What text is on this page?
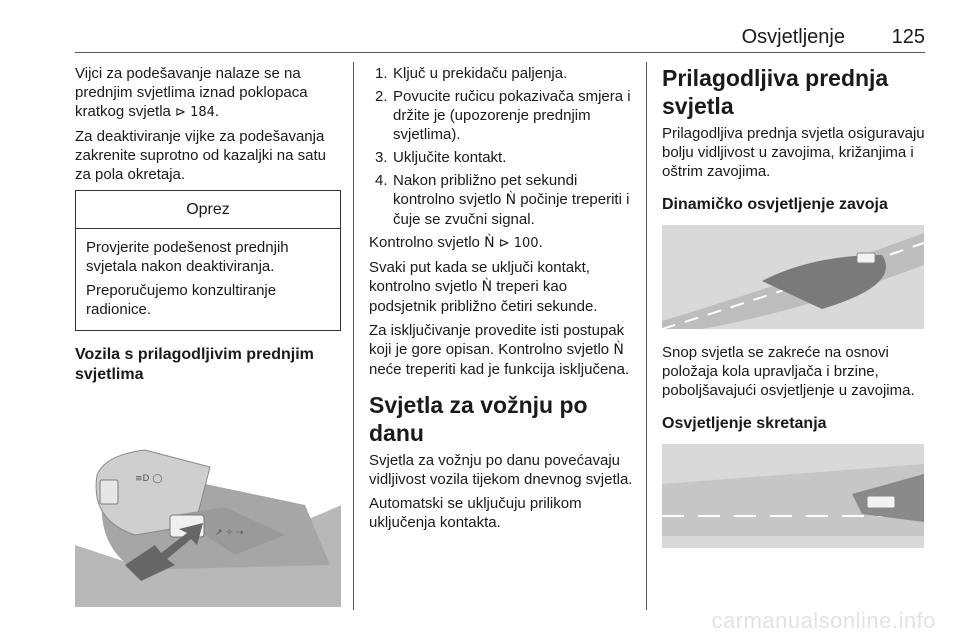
Osvjetljenje 125

Vijci za podešavanje nalaze se na prednjim svjetlima iznad poklopaca kratkog svjetla ⊳ 184.

Za deaktiviranje vijke za podešavanja zakrenite suprotno od kazaljki na satu za pola okretaja.

Oprez

Provjerite podešenost prednjih svjetala nakon deaktiviranja.

Preporučujemo konzultiranje radionice.

Vozila s prilagodljivim prednjim svjetlima
≡D ◯
↗ ✧ ⇢
1. Ključ u prekidaču paljenja.
2. Povucite ručicu pokazivača smjera i držite je (upozorenje prednjim svjetlima).
3. Uključite kontakt.
4. Nakon približno pet sekundi kontrolno svjetlo Ǹ počinje treperiti i čuje se zvučni signal.

Kontrolno svjetlo Ǹ ⊳ 100.

Svaki put kada se uključi kontakt, kontrolno svjetlo Ǹ treperi kao podsjetnik približno četiri sekunde.

Za isključivanje provedite isti postupak koji je gore opisan. Kontrolno svjetlo Ǹ neće treperiti kad je funkcija isključena.

Svjetla za vožnju po danu

Svjetla za vožnju po danu povećavaju vidljivost vozila tijekom dnevnog svjetla.

Automatski se uključuju prilikom uključenja kontakta.

Prilagodljiva prednja svjetla

Prilagodljiva prednja svjetla osiguravaju bolju vidljivost u zavojima, križanjima i oštrim zavojima.

Dinamičko osvjetljenje zavoja

Snop svjetla se zakreće na osnovi položaja kola upravljača i brzine, poboljšavajući osvjetljenje u zavojima.

Osvjetljenje skretanja
carmanualsonline.info
